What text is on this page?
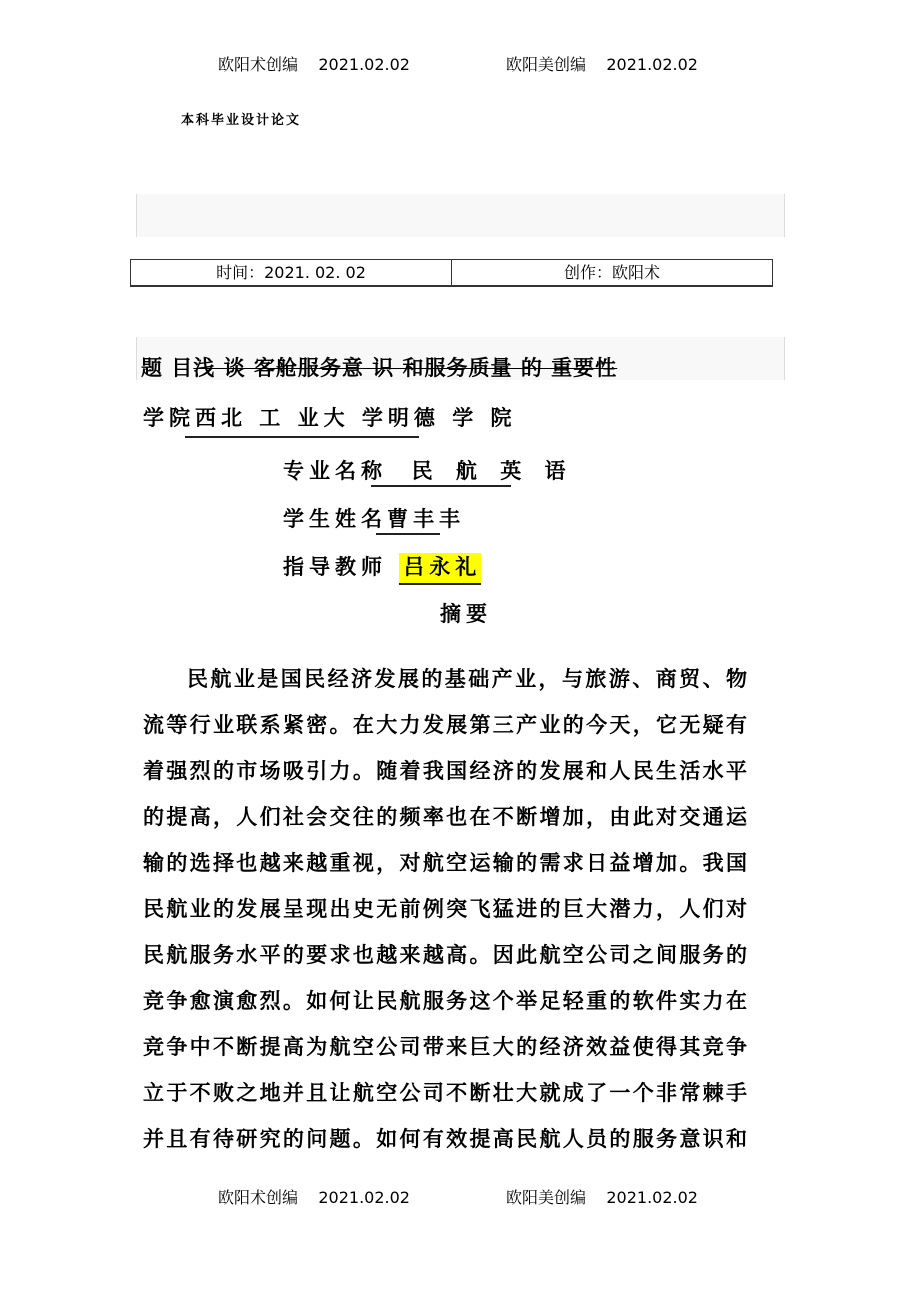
欧阳术创编 2021.02.02	欧阳美创编 2021.02.02
本科毕业设计论文
时间：2021. 02. 02	创作：欧阳术
题 目浅 谈 客舱服务意 识 和服务质量 的 重要性
学院西北 工 业大 学明德 学 院
专业名称 民 航 英 语
学生姓名曹丰丰
指导教师 吕永礼
摘要
民航业是国民经济发展的基础产业，与旅游、商贸、物
流等行业联系紧密。在大力发展第三产业的今天，它无疑有
着强烈的市场吸引力。随着我国经济的发展和人民生活水平
的提高，人们社会交往的频率也在不断增加，由此对交通运
输的选择也越来越重视，对航空运输的需求日益增加。我国
民航业的发展呈现出史无前例突飞猛进的巨大潜力，人们对
民航服务水平的要求也越来越高。因此航空公司之间服务的
竞争愈演愈烈。如何让民航服务这个举足轻重的软件实力在
竞争中不断提高为航空公司带来巨大的经济效益使得其竞争
立于不败之地并且让航空公司不断壮大就成了一个非常棘手
并且有待研究的问题。如何有效提高民航人员的服务意识和
欧阳术创编 2021.02.02	欧阳美创编 2021.02.02
